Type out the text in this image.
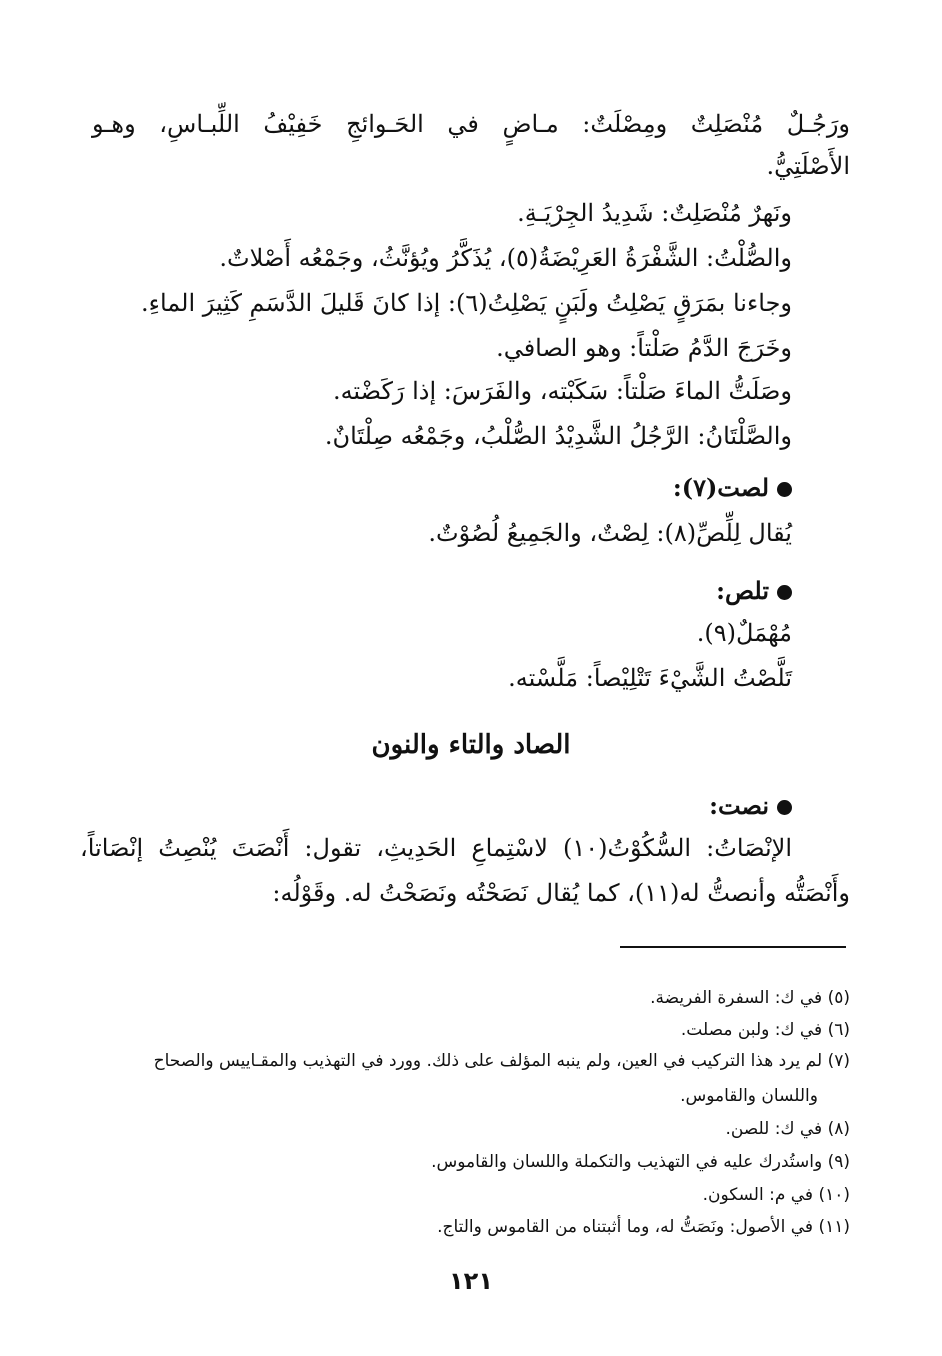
ورَجُـلٌ مُنْصَلِتٌ ومِصْلَتٌ: مـاضٍ في الحَـوائجِ خَفِيْفُ اللِّبـاسِ، وهـو
الأَصْلَتِيُّ.
ونَهرٌ مُنْصَلِتٌ: شَدِيدُ الجِرْيَـةِ.
والصُّلْتُ: الشَّفْرَةُ العَرِيْضَةُ(٥)، يُذَكَّرُ ويُؤنَّثُ، وجَمْعُه أَصْلاتٌ.
وجاءنا بمَرَقٍ يَصْلِتُ ولَبَنٍ يَصْلِتُ(٦): إذا كانَ قَليلَ الدَّسَمِ كَثِيرَ الماءِ.
وخَرَجَ الدَّمُ صَلْتاً: وهو الصافي.
وصَلَتُّ الماءَ صَلْتاً: سَكَبْته، والفَرَسَ: إذا رَكَضْته.
والصَّلْتَانُ: الرَّجُلُ الشَّدِيْدُ الصُّلْبُ، وجَمْعُه صِلْتَانٌ.
لصت(٧):
يُقال لِلِّصِّ(٨): لِصْتٌ، والجَمِيعُ لُصُوْتٌ.
تلص:
مُهْمَلٌ(٩).
تَلَّصْتُ الشَّيْءَ تَتْلِيْصاً: مَلَّسْته.
الصاد والتاء والنون
نصت:
الإنْصَاتُ: السُّكُوْتُ(١٠) لاسْتِماعِ الحَدِيثِ، تقول: أَنْصَتَ يُنْصِتُ إنْصَاتاً،
وأَنْصَتُّه وأنصتُّ له(١١)، كما يُقال نَصَحْتُه ونَصَحْتُ له. وقَوْلُه:
(٥) في ك: السفرة الفريضة.
(٦) في ك: ولبن مصلت.
(٧) لم يرد هذا التركيب في العين، ولم ينبه المؤلف على ذلك. وورد في التهذيب والمقـاييس والصحاح
واللسان والقاموس.
(٨) في ك: للصن.
(٩) واستُدرك عليه في التهذيب والتكملة واللسان والقاموس.
(١٠) في م: السكون.
(١١) في الأصول: ونَصَتُّ له، وما أثبتناه من القاموس والتاج.
١٢١
